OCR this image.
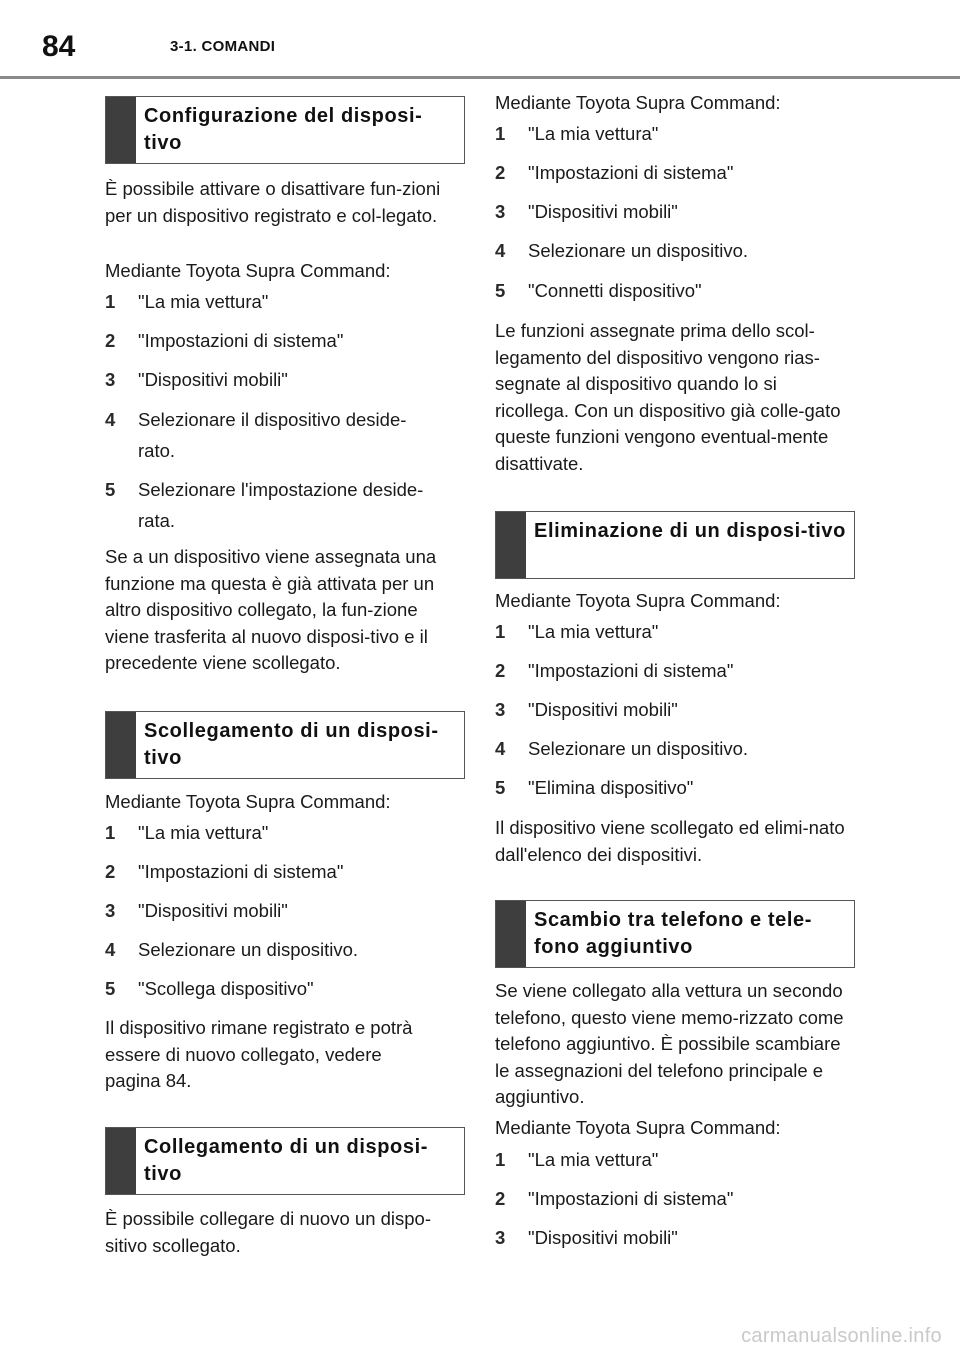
84	3-1. COMANDI
Configurazione del disposi-tivo
È possibile attivare o disattivare fun-zioni per un dispositivo registrato e col-legato.
Mediante Toyota Supra Command:
1 "La mia vettura"
2 "Impostazioni di sistema"
3 "Dispositivi mobili"
4 Selezionare il dispositivo deside-rato.
5 Selezionare l'impostazione deside-rata.
Se a un dispositivo viene assegnata una funzione ma questa è già attivata per un altro dispositivo collegato, la fun-zione viene trasferita al nuovo disposi-tivo e il precedente viene scollegato.
Scollegamento di un disposi-tivo
Mediante Toyota Supra Command:
1 "La mia vettura"
2 "Impostazioni di sistema"
3 "Dispositivi mobili"
4 Selezionare un dispositivo.
5 "Scollega dispositivo"
Il dispositivo rimane registrato e potrà essere di nuovo collegato, vedere pagina 84.
Collegamento di un disposi-tivo
È possibile collegare di nuovo un dispo-sitivo scollegato.
Mediante Toyota Supra Command:
1 "La mia vettura"
2 "Impostazioni di sistema"
3 "Dispositivi mobili"
4 Selezionare un dispositivo.
5 "Connetti dispositivo"
Le funzioni assegnate prima dello scol-legamento del dispositivo vengono rias-segnate al dispositivo quando lo si ricollega. Con un dispositivo già colle-gato queste funzioni vengono eventual-mente disattivate.
Eliminazione di un disposi-tivo
Mediante Toyota Supra Command:
1 "La mia vettura"
2 "Impostazioni di sistema"
3 "Dispositivi mobili"
4 Selezionare un dispositivo.
5 "Elimina dispositivo"
Il dispositivo viene scollegato ed elimi-nato dall'elenco dei dispositivi.
Scambio tra telefono e tele-fono aggiuntivo
Se viene collegato alla vettura un secondo telefono, questo viene memo-rizzato come telefono aggiuntivo. È possibile scambiare le assegnazioni del telefono principale e aggiuntivo.
Mediante Toyota Supra Command:
1 "La mia vettura"
2 "Impostazioni di sistema"
3 "Dispositivi mobili"
carmanualsonline.info
